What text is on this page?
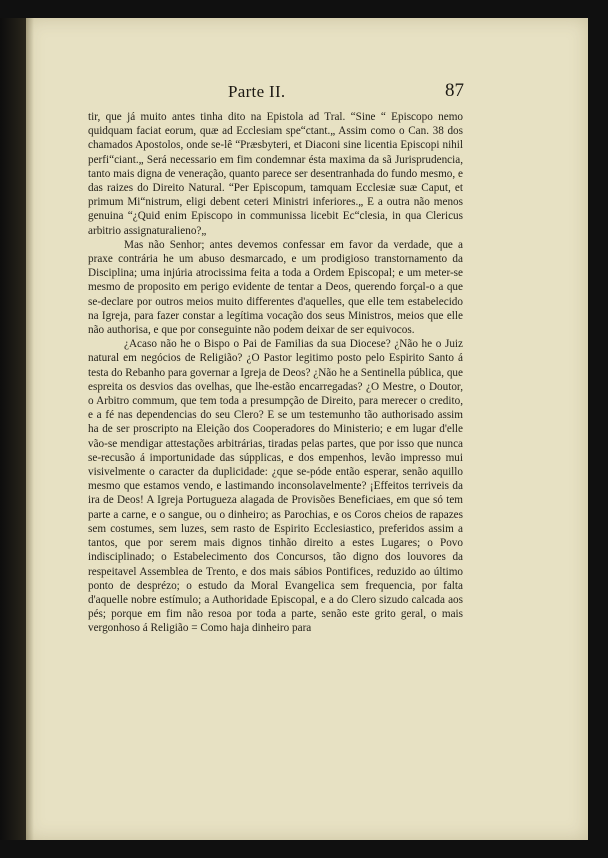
Parte II.	87

tir, que já muito antes tinha dito na Epistola ad Tral. “Sine “ Episcopo nemo quidquam faciat eorum, quæ ad Ecclesiam spe“ctant.„ Assim como o Can. 38 dos chamados Apostolos, onde se-lê “Præsbyteri, et Diaconi sine licentia Episcopi nihil perfi“ciant.„ Será necessario em fim condemnar ésta maxima da sã Jurisprudencia, tanto mais digna de veneração, quanto parece ser desentranhada do fundo mesmo, e das raizes do Direito Natural. “Per Episcopum, tamquam Ecclesiæ suæ Caput, et primum Mi“nistrum, eligi debent ceteri Ministri inferiores.„ E a outra não menos genuina “¿Quid enim Episcopo in communissa licebit Ec“clesia, in qua Clericus arbitrio assignaturalieno?„

Mas não Senhor; antes devemos confessar em favor da verdade, que a praxe contrária he um abuso desmarcado, e um prodigioso transtornamento da Disciplina; uma injúria atrocissima feita a toda a Ordem Episcopal; e um meter-se mesmo de proposito em perigo evidente de tentar a Deos, querendo forçal-o a que se-declare por outros meios muito differentes d'aquelles, que elle tem estabelecido na Igreja, para fazer constar a legítima vocação dos seus Ministros, meios que elle não authorisa, e que por conseguinte não podem deixar de ser equivocos.

¿Acaso não he o Bispo o Pai de Familias da sua Diocese? ¿Não he o Juiz natural em negócios de Religião? ¿O Pastor legitimo posto pelo Espirito Santo á testa do Rebanho para governar a Igreja de Deos? ¿Não he a Sentinella pública, que espreita os desvios das ovelhas, que lhe-estão encarregadas? ¿O Mestre, o Doutor, o Arbitro commum, que tem toda a presumpção de Direito, para merecer o credito, e a fé nas dependencias do seu Clero? E se um testemunho tão authorisado assim ha de ser proscripto na Eleição dos Cooperadores do Ministerio; e em lugar d'elle vão-se mendigar attestações arbitrárias, tiradas pelas partes, que por isso que nunca se-recusão á importunidade das súpplicas, e dos empenhos, levão impresso mui visivelmente o caracter da duplicidade: ¿que se-póde então esperar, senão aquillo mesmo que estamos vendo, e lastimando inconsolavelmente? ¡Effeitos terriveis da ira de Deos! A Igreja Portugueza alagada de Provisões Beneficiaes, em que só tem parte a carne, e o sangue, ou o dinheiro; as Parochias, e os Coros cheios de rapazes sem costumes, sem luzes, sem rasto de Espirito Ecclesiastico, preferidos assim a tantos, que por serem mais dignos tinhão direito a estes Lugares; o Povo indisciplinado; o Estabelecimento dos Concursos, tão digno dos louvores da respeitavel Assemblea de Trento, e dos mais sábios Pontifices, reduzido ao último ponto de desprézo; o estudo da Moral Evangelica sem frequencia, por falta d'aquelle nobre estímulo; a Authoridade Episcopal, e a do Clero sizudo calcada aos pés; porque em fim não resoa por toda a parte, senão este grito geral, o mais vergonhoso á Religião = Como haja dinheiro para
